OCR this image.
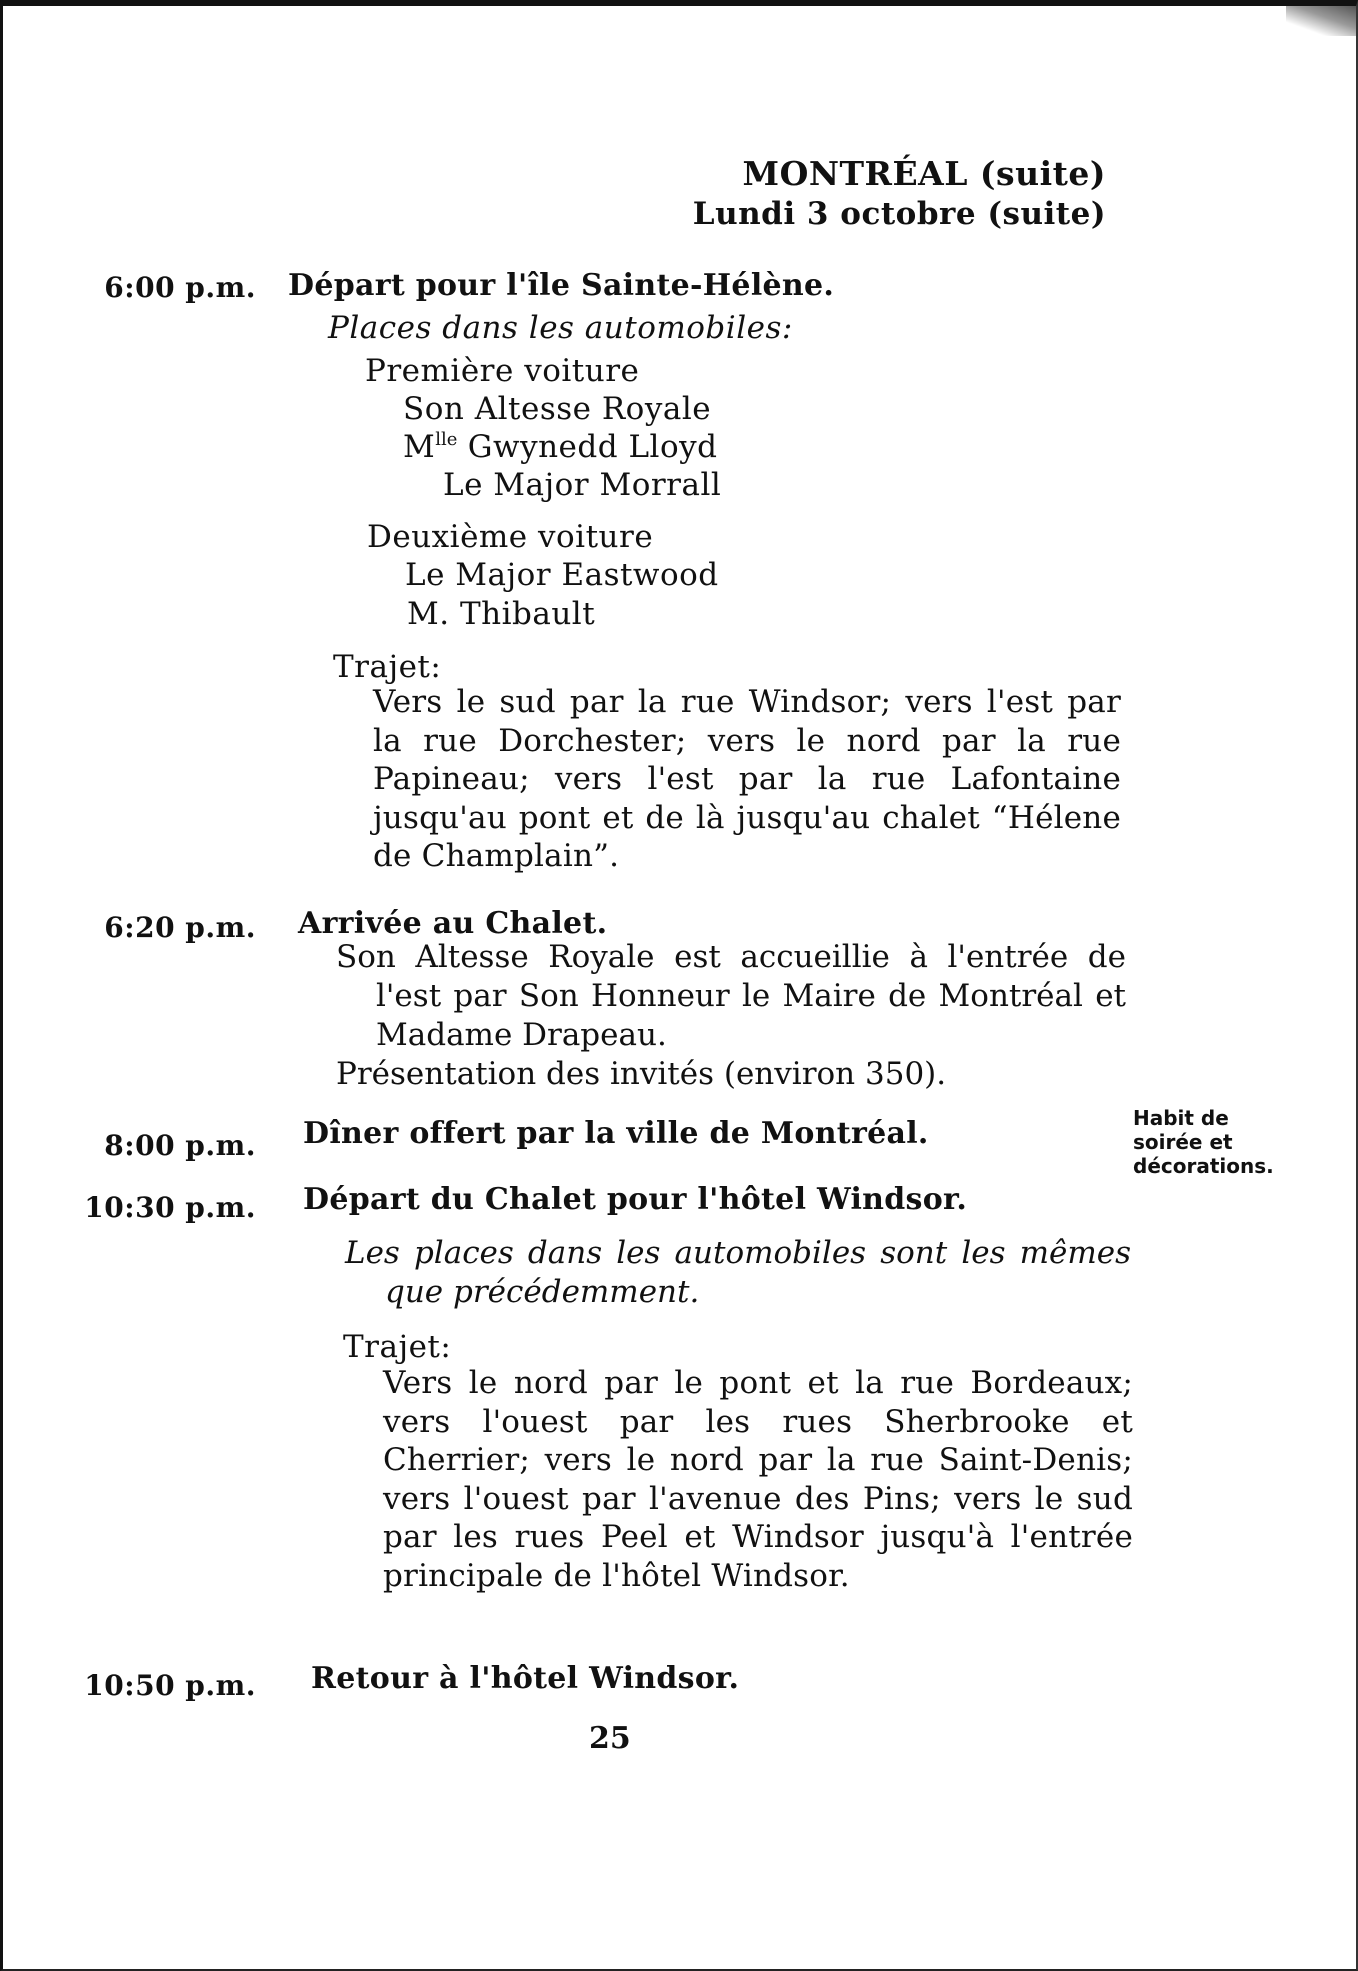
MONTRÉAL (suite)
Lundi 3 octobre (suite)
6:00 p.m. Départ pour l'île Sainte-Hélène.
Places dans les automobiles:
Première voiture
Son Altesse Royale
$M^{lle}$ Gwynedd Lloyd
Le Major Morrall
Deuxième voiture
Le Major Eastwood
M. Thibault
Trajet:

Vers le sud par la rue Windsor; vers l'est par la rue Dorchester; vers le nord par la rue Papineau; vers l'est par la rue Lafontaine jusqu'au pont et de là jusqu'au chalet “Hélene de Champlain”.

6:20 p.m. Arrivée au Chalet.
Son Altesse Royale est accueillie à l'entrée de l'est par Son Honneur le Maire de Montréal et Madame Drapeau.
Présentation des invités (environ 350).
8:00 p.m. Dîner offert par la ville de Montréal.
10:30 p.m. Départ du Chalet pour l'hôtel Windsor.
Les places dans les automobiles sont les mêmes que précédemment.
Trajet:

Vers le nord par le pont et la rue Bordeaux; vers l'ouest par les rues Sherbrooke et Cherrier; vers le nord par la rue Saint-Denis; vers l'ouest par l'avenue des Pins; vers le sud par les rues Peel et Windsor jusqu'à l'entrée principale de l'hôtel Windsor.

10:50 p.m. Retour à l'hôtel Windsor.
Habit de soirée et décorations.
25
